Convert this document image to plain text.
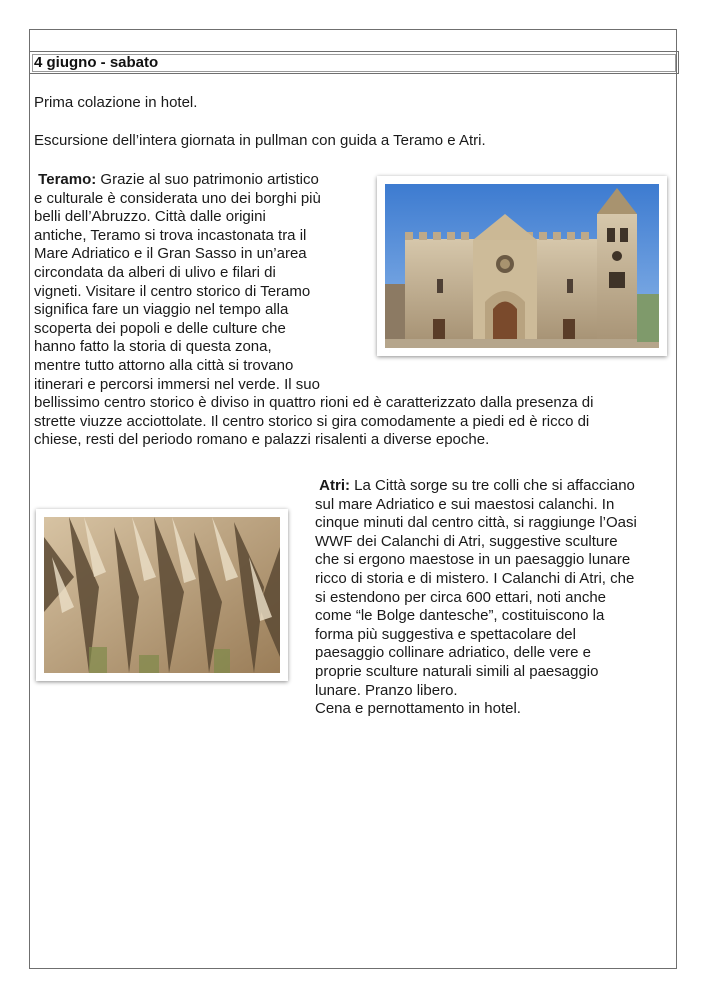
4 giugno - sabato

Prima colazione in hotel.

Escursione dell’intera giornata in pullman con guida a Teramo e Atri.

Teramo: Grazie al suo patrimonio artistico
e culturale è considerata uno dei borghi più
belli dell’Abruzzo. Città dalle origini
antiche, Teramo si trova incastonata tra il
Mare Adriatico e il Gran Sasso in un’area
circondata da alberi di ulivo e filari di
vigneti. Visitare il centro storico di Teramo
significa fare un viaggio nel tempo alla
scoperta dei popoli e delle culture che
hanno fatto la storia di questa zona,
mentre tutto attorno alla città si trovano
itinerari e percorsi immersi nel verde. Il suo
bellissimo centro storico è diviso in quattro rioni ed è caratterizzato dalla presenza di
strette viuzze acciottolate. Il centro storico si gira comodamente a piedi ed è ricco di
chiese, resti del periodo romano e palazzi risalenti a diverse epoche.
Atri: La Città sorge su tre colli che si affacciano
sul mare Adriatico e sui maestosi calanchi. In
cinque minuti dal centro città, si raggiunge l’Oasi
WWF dei Calanchi di Atri, suggestive sculture
che si ergono maestose in un paesaggio lunare
ricco di storia e di mistero. I Calanchi di Atri, che
si estendono per circa 600 ettari, noti anche
come “le Bolge dantesche”, costituiscono la
forma più suggestiva e spettacolare del
paesaggio collinare adriatico, delle vere e
proprie sculture naturali simili al paesaggio
lunare. Pranzo libero.
Cena e pernottamento in hotel.
